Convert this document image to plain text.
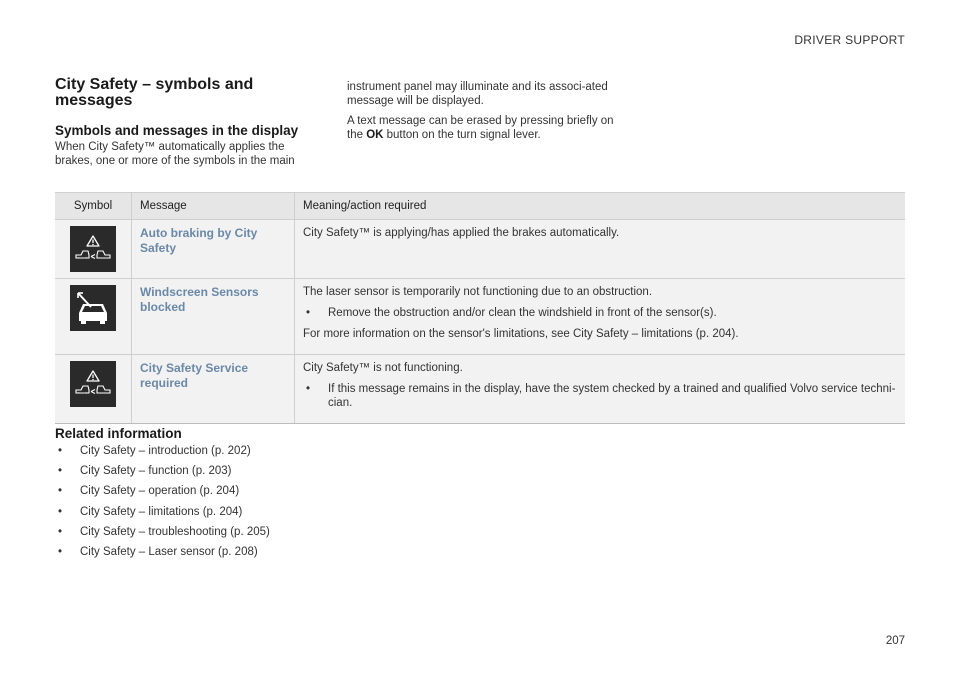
DRIVER SUPPORT
City Safety – symbols and messages
Symbols and messages in the display

When City Safety™ automatically applies the brakes, one or more of the symbols in the main

instrument panel may illuminate and its associ-ated message will be displayed.

A text message can be erased by pressing briefly on the OK button on the turn signal lever.

Symbol	Message	Meaning/action required

	Auto braking by City Safety	City Safety™ is applying/has applied the brakes automatically.

	Windscreen Sensors blocked	The laser sensor is temporarily not functioning due to an obstruction.

• Remove the obstruction and/or clean the windshield in front of the sensor(s).

For more information on the sensor's limitations, see City Safety – limitations (p. 204).

	City Safety Service required	City Safety™ is not functioning.

• If this message remains in the display, have the system checked by a trained and qualified Volvo service techni-cian.
Related information
•	City Safety – introduction (p. 202)
•	City Safety – function (p. 203)
•	City Safety – operation (p. 204)
•	City Safety – limitations (p. 204)
•	City Safety – troubleshooting (p. 205)
•	City Safety – Laser sensor (p. 208)
207
